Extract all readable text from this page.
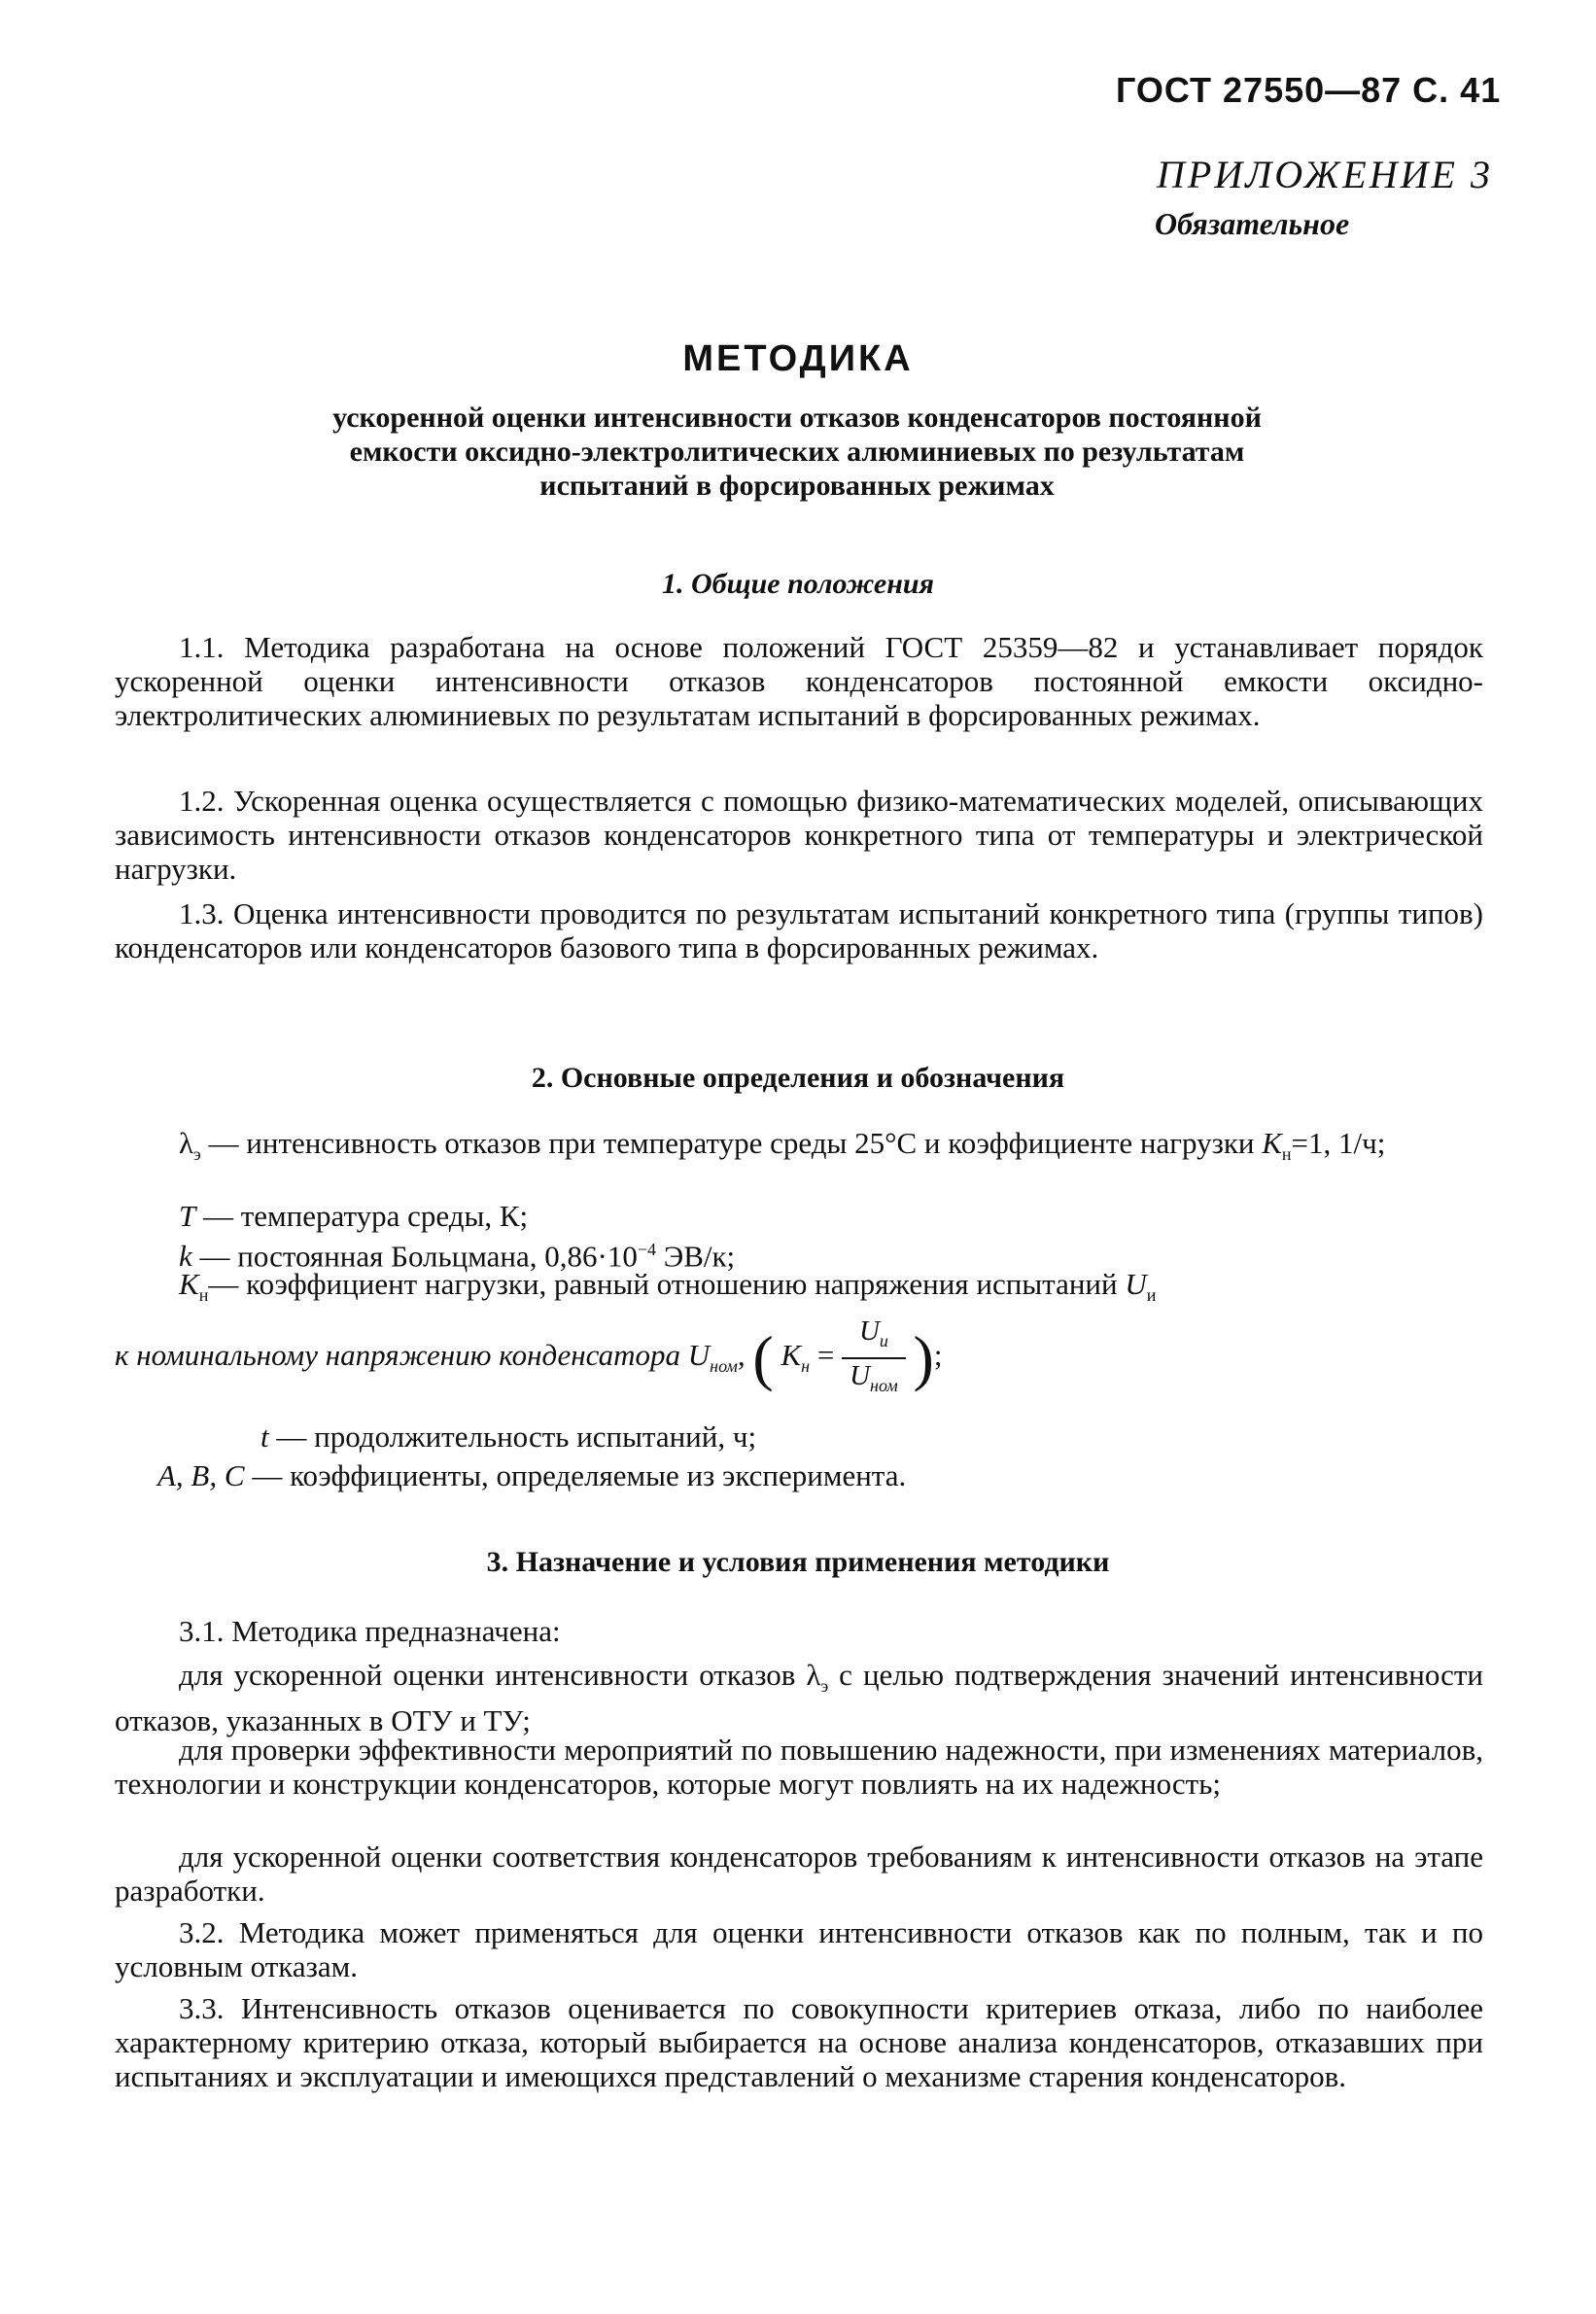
ГОСТ 27550—87 С. 41
ПРИЛОЖЕНИЕ 3
Обязательное
МЕТОДИКА
ускоренной оценки интенсивности отказов конденсаторов постоянной
емкости оксидно-электролитических алюминиевых по результатам
испытаний в форсированных режимах
1. Общие положения
1.1. Методика разработана на основе положений ГОСТ 25359—82 и устанавливает порядок ускоренной оценки интенсивности отказов конденсаторов постоянной емкости оксидно-электролитических алюминиевых по результатам испытаний в форсированных режимах.
1.2. Ускоренная оценка осуществляется с помощью физико-математических моделей, описывающих зависимость интенсивности отказов конденсаторов конкретного типа от температуры и электрической нагрузки.
1.3. Оценка интенсивности проводится по результатам испытаний конкретного типа (группы типов) конденсаторов или конденсаторов базового типа в форсированных режимах.
2. Основные определения и обозначения
$\lambda_э$ — интенсивность отказов при температуре среды 25°С и коэффициенте нагрузки $K_н=1$, 1/ч;
T — температура среды, К;
k — постоянная Больцмана, $0,86\cdot 10^{-4}$ ЭВ/к;
$K_н—$ коэффициент нагрузки, равный отношению напряжения испытаний $U_и$
к номинальному напряжению конденсатора $U_{ном}$, ( $K_н = \frac{U_и}{U_{ном}}$ );
t — продолжительность испытаний, ч;
A, B, C — коэффициенты, определяемые из эксперимента.
3. Назначение и условия применения методики
3.1. Методика предназначена:
для ускоренной оценки интенсивности отказов $\lambda_э$ с целью подтверждения значений интенсивности отказов, указанных в ОТУ и ТУ;
для проверки эффективности мероприятий по повышению надежности, при изменениях материалов, технологии и конструкции конденсаторов, которые могут повлиять на их надежность;
для ускоренной оценки соответствия конденсаторов требованиям к интенсивности отказов на этапе разработки.
3.2. Методика может применяться для оценки интенсивности отказов как по полным, так и по условным отказам.
3.3. Интенсивность отказов оценивается по совокупности критериев отказа, либо по наиболее характерному критерию отказа, который выбирается на основе анализа конденсаторов, отказавших при испытаниях и эксплуатации и имеющихся представлений о механизме старения конденсаторов.
